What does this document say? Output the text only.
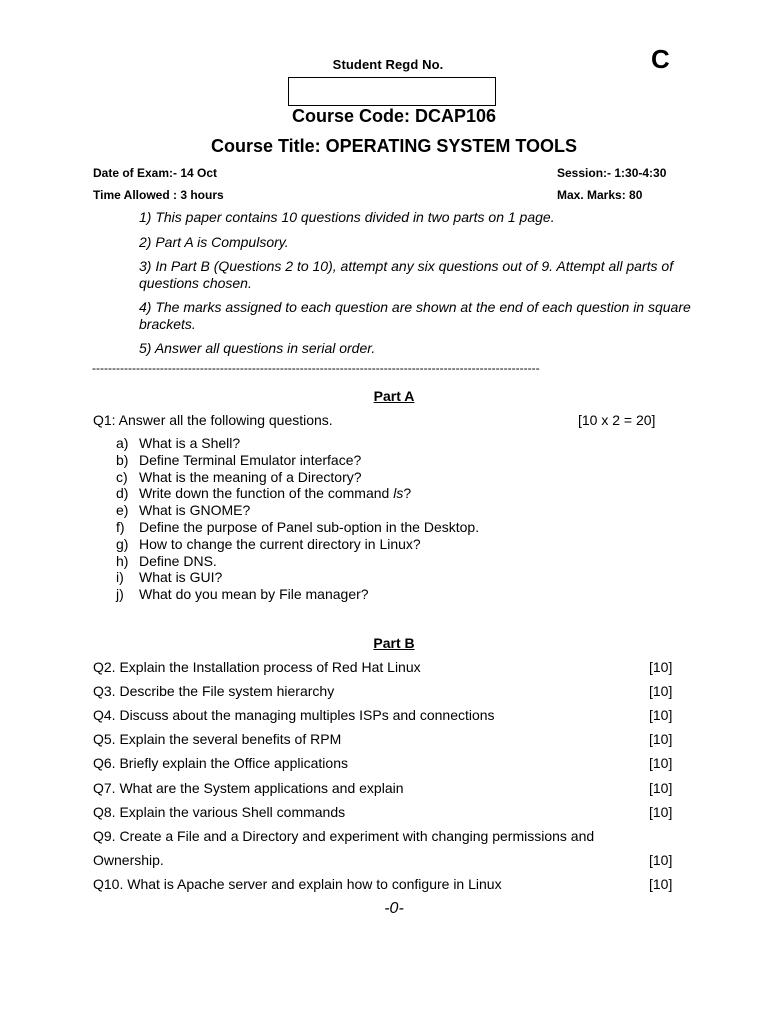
Student Regd No.	C
Course Code: DCAP106
Course Title: OPERATING SYSTEM TOOLS
Date of Exam:- 14 Oct	Session:- 1:30-4:30
Time Allowed : 3 hours	Max. Marks: 80
1) This paper contains 10 questions divided in two parts on 1 page.
2) Part A is Compulsory.
3) In Part B (Questions 2 to 10), attempt any six questions out of 9. Attempt all parts of questions chosen.
4) The marks assigned to each question are shown at the end of each question in square brackets.
5) Answer all questions in serial order.
----------------------------------------------------------------------------------------------------------------
Part A
Q1: Answer all the following questions.	[10 x 2 = 20]
a) What is a Shell?
b) Define Terminal Emulator interface?
c) What is the meaning of a Directory?
d) Write down the function of the command ls?
e) What is GNOME?
f) Define the purpose of Panel sub-option in the Desktop.
g) How to change the current directory in Linux?
h) Define DNS.
i) What is GUI?
j) What do you mean by File manager?
Part B
Q2. Explain the Installation process of Red Hat Linux	[10]
Q3. Describe the File system hierarchy	[10]
Q4. Discuss about the managing multiples ISPs and connections	[10]
Q5. Explain the several benefits of RPM	[10]
Q6. Briefly explain the Office applications	[10]
Q7. What are the System applications and explain	[10]
Q8. Explain the various Shell commands	[10]
Q9. Create a File and a Directory and experiment with changing permissions and
Ownership.	[10]
Q10. What is Apache server and explain how to configure in Linux	[10]
-0-
